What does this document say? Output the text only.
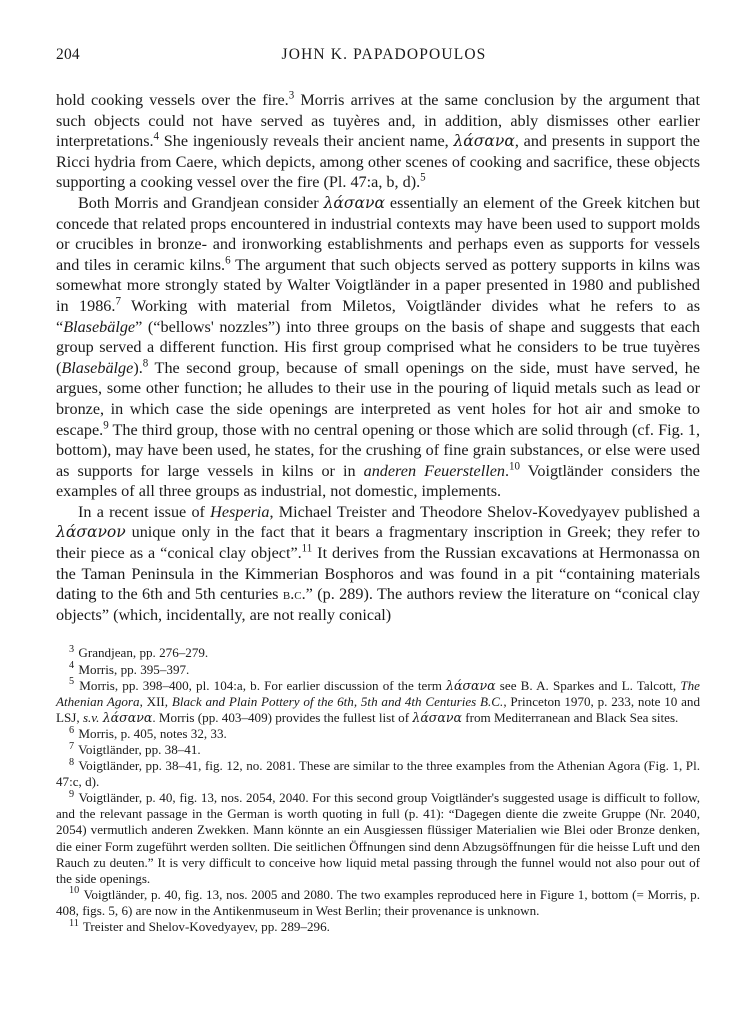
204	JOHN K. PAPADOPOULOS

hold cooking vessels over the fire.$^3$ Morris arrives at the same conclusion by the argument that such objects could not have served as tuyères and, in addition, ably dismisses other earlier interpretations.$^4$ She ingeniously reveals their ancient name, λάσανα, and presents in support the Ricci hydria from Caere, which depicts, among other scenes of cooking and sacrifice, these objects supporting a cooking vessel over the fire (Pl. 47:a, b, d).$^5$

Both Morris and Grandjean consider λάσανα essentially an element of the Greek kitchen but concede that related props encountered in industrial contexts may have been used to support molds or crucibles in bronze- and ironworking establishments and perhaps even as supports for vessels and tiles in ceramic kilns.$^6$ The argument that such objects served as pottery supports in kilns was somewhat more strongly stated by Walter Voigtländer in a paper presented in 1980 and published in 1986.$^7$ Working with material from Miletos, Voigtländer divides what he refers to as “Blasebälge” (“bellows' nozzles”) into three groups on the basis of shape and suggests that each group served a different function. His first group comprised what he considers to be true tuyères (Blasebälge).$^8$ The second group, because of small openings on the side, must have served, he argues, some other function; he alludes to their use in the pouring of liquid metals such as lead or bronze, in which case the side openings are interpreted as vent holes for hot air and smoke to escape.$^9$ The third group, those with no central opening or those which are solid through (cf. Fig. 1, bottom), may have been used, he states, for the crushing of fine grain substances, or else were used as supports for large vessels in kilns or in anderen Feuerstellen.$^{10}$ Voigtländer considers the examples of all three groups as industrial, not domestic, implements.

In a recent issue of Hesperia, Michael Treister and Theodore Shelov-Kovedyayev published a λάσανον unique only in the fact that it bears a fragmentary inscription in Greek; they refer to their piece as a “conical clay object”.$^{11}$ It derives from the Russian excavations at Hermonassa on the Taman Peninsula in the Kimmerian Bosphoros and was found in a pit “containing materials dating to the 6th and 5th centuries b.c.” (p. 289). The authors review the literature on “conical clay objects” (which, incidentally, are not really conical)

$^3$ Grandjean, pp. 276–279.

$^4$ Morris, pp. 395–397.

$^5$ Morris, pp. 398–400, pl. 104:a, b. For earlier discussion of the term λάσανα see B. A. Sparkes and L. Talcott, The Athenian Agora, XII, Black and Plain Pottery of the 6th, 5th and 4th Centuries B.C., Princeton 1970, p. 233, note 10 and LSJ, s.v. λάσανα. Morris (pp. 403–409) provides the fullest list of λάσανα from Mediterranean and Black Sea sites.

$^6$ Morris, p. 405, notes 32, 33.

$^7$ Voigtländer, pp. 38–41.

$^8$ Voigtländer, pp. 38–41, fig. 12, no. 2081. These are similar to the three examples from the Athenian Agora (Fig. 1, Pl. 47:c, d).

$^9$ Voigtländer, p. 40, fig. 13, nos. 2054, 2040. For this second group Voigtländer's suggested usage is difficult to follow, and the relevant passage in the German is worth quoting in full (p. 41): “Dagegen diente die zweite Gruppe (Nr. 2040, 2054) vermutlich anderen Zwekken. Mann könnte an ein Ausgiessen flüssiger Materialien wie Blei oder Bronze denken, die einer Form zugeführt werden sollten. Die seitlichen Öffnungen sind denn Abzugsöffnungen für die heisse Luft und den Rauch zu deuten.” It is very difficult to conceive how liquid metal passing through the funnel would not also pour out of the side openings.

$^{10}$ Voigtländer, p. 40, fig. 13, nos. 2005 and 2080. The two examples reproduced here in Figure 1, bottom (= Morris, p. 408, figs. 5, 6) are now in the Antikenmuseum in West Berlin; their provenance is unknown.

$^{11}$ Treister and Shelov-Kovedyayev, pp. 289–296.
